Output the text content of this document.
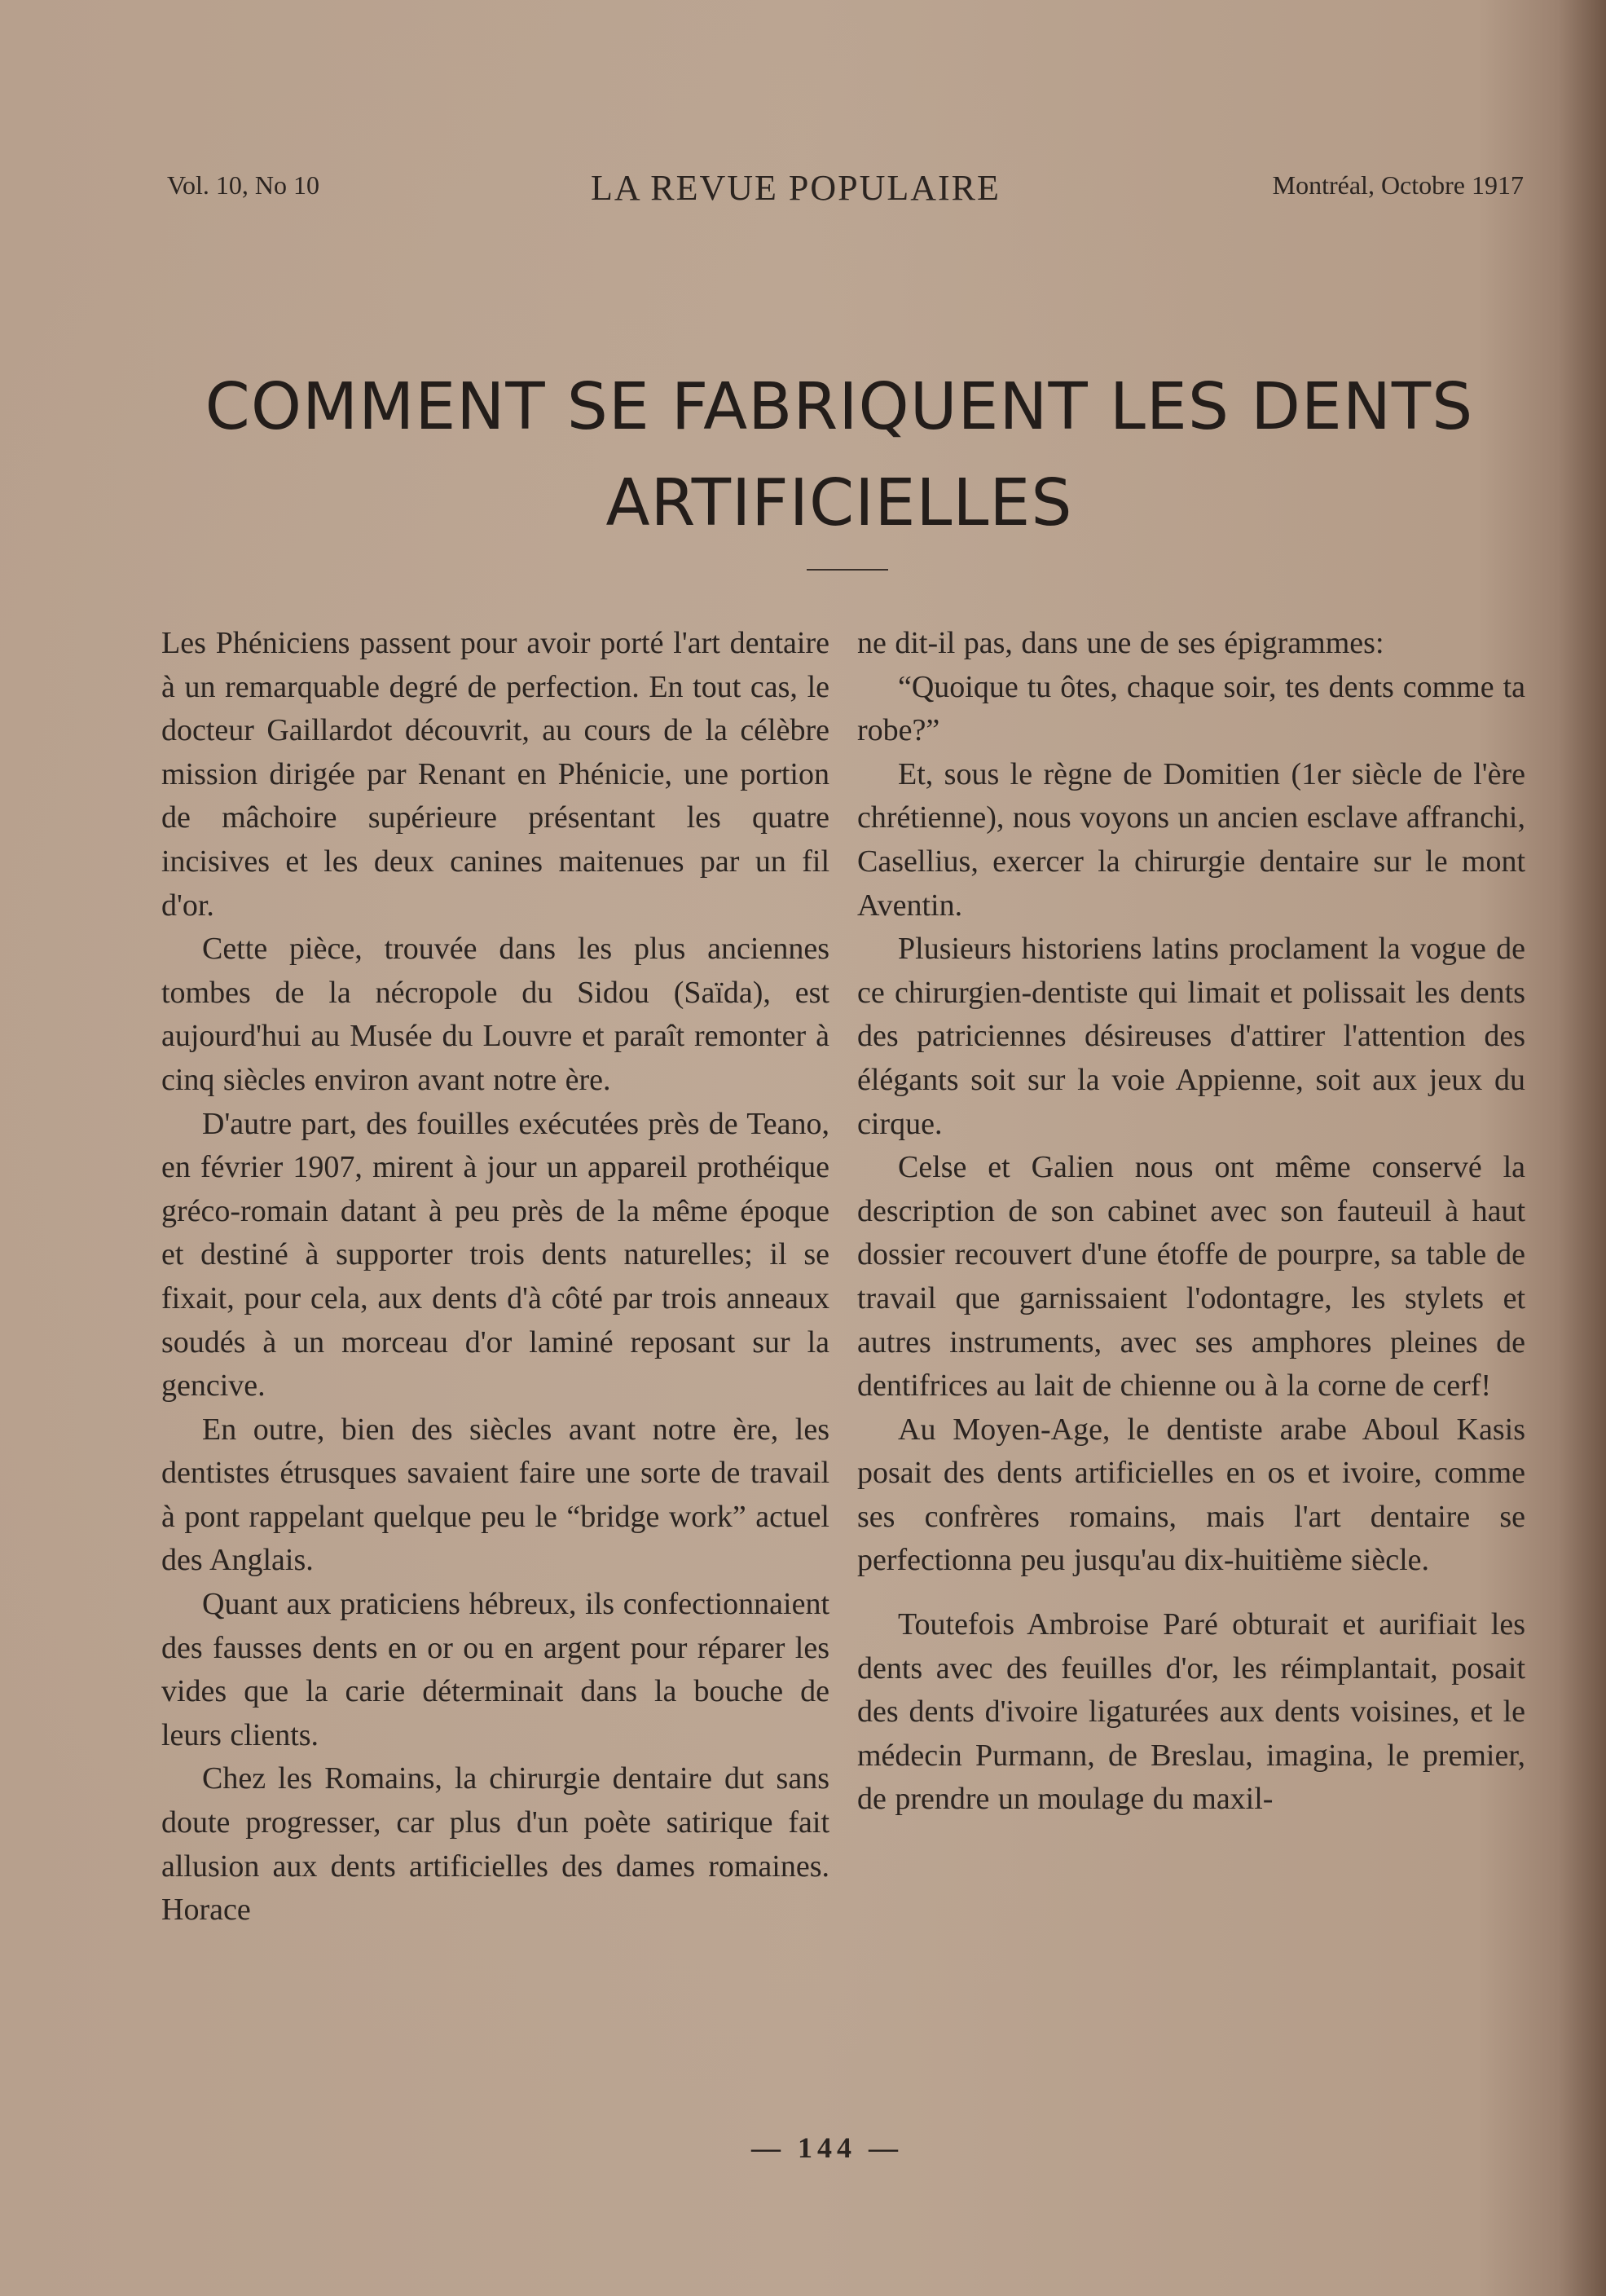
Vol. 10, No 10	LA REVUE POPULAIRE	Montréal, Octobre 1917
COMMENT SE FABRIQUENT LES DENTS
ARTIFICIELLES

Les Phéniciens passent pour avoir porté l'art dentaire à un remarquable degré de perfection. En tout cas, le docteur Gaillardot découvrit, au cours de la célèbre mission dirigée par Renant en Phénicie, une portion de mâchoire supérieure présentant les quatre incisives et les deux canines maitenues par un fil d'or.

Cette pièce, trouvée dans les plus anciennes tombes de la nécropole du Sidou (Saïda), est aujourd'hui au Musée du Louvre et paraît remonter à cinq siècles environ avant notre ère.

D'autre part, des fouilles exécutées près de Teano, en février 1907, mirent à jour un appareil prothéique gréco-romain datant à peu près de la même époque et destiné à supporter trois dents naturelles; il se fixait, pour cela, aux dents d'à côté par trois anneaux soudés à un morceau d'or laminé reposant sur la gencive.

En outre, bien des siècles avant notre ère, les dentistes étrusques savaient faire une sorte de travail à pont rappelant quelque peu le “bridge work” actuel des Anglais.

Quant aux praticiens hébreux, ils confectionnaient des fausses dents en or ou en argent pour réparer les vides que la carie déterminait dans la bouche de leurs clients.

Chez les Romains, la chirurgie dentaire dut sans doute progresser, car plus d'un poète satirique fait allusion aux dents artificielles des dames romaines. Horace

ne dit-il pas, dans une de ses épigrammes:

“Quoique tu ôtes, chaque soir, tes dents comme ta robe?”

Et, sous le règne de Domitien (1er siècle de l'ère chrétienne), nous voyons un ancien esclave affranchi, Casellius, exercer la chirurgie dentaire sur le mont Aventin.

Plusieurs historiens latins proclament la vogue de ce chirurgien-dentiste qui limait et polissait les dents des patriciennes désireuses d'attirer l'attention des élégants soit sur la voie Appienne, soit aux jeux du cirque.

Celse et Galien nous ont même conservé la description de son cabinet avec son fauteuil à haut dossier recouvert d'une étoffe de pourpre, sa table de travail que garnissaient l'odontagre, les stylets et autres instruments, avec ses amphores pleines de dentifrices au lait de chienne ou à la corne de cerf!

Au Moyen-Age, le dentiste arabe Aboul Kasis posait des dents artificielles en os et ivoire, comme ses confrères romains, mais l'art dentaire se perfectionna peu jusqu'au dix-huitième siècle.

Toutefois Ambroise Paré obturait et aurifiait les dents avec des feuilles d'or, les réimplantait, posait des dents d'ivoire ligaturées aux dents voisines, et le médecin Purmann, de Breslau, imagina, le premier, de prendre un moulage du maxil-

— 144 —
